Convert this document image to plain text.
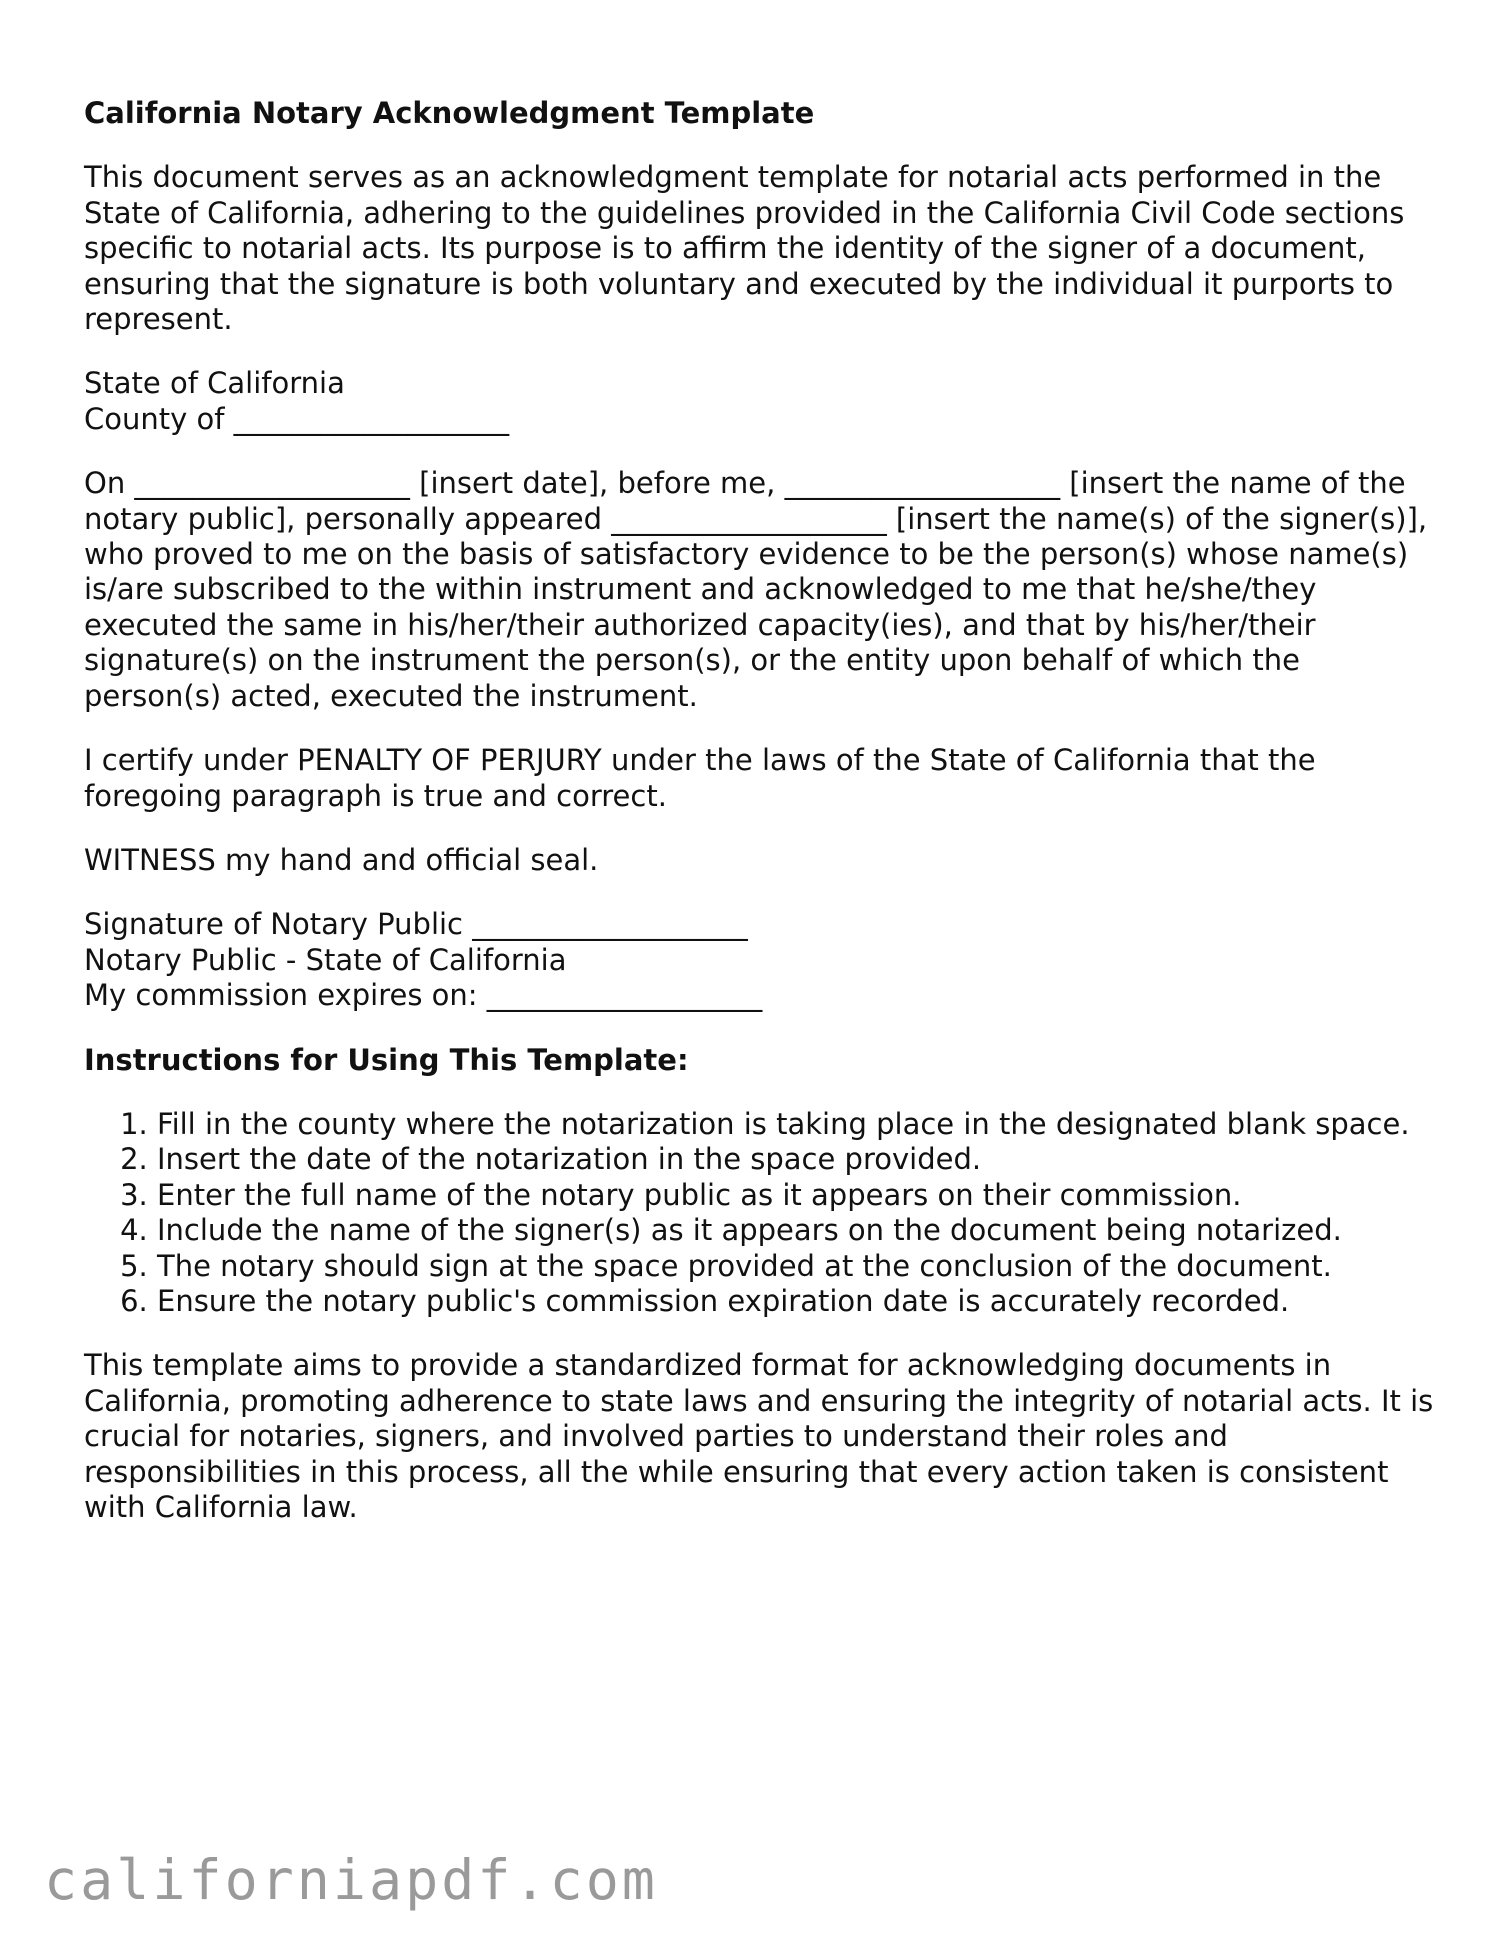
California Notary Acknowledgment Template

This document serves as an acknowledgment template for notarial acts performed in the State of California, adhering to the guidelines provided in the California Civil Code sections specific to notarial acts. Its purpose is to affirm the identity of the signer of a document, ensuring that the signature is both voluntary and executed by the individual it purports to represent.

State of California
County of ___________________

On ___________________ [insert date], before me, ___________________ [insert the name of the notary public], personally appeared ___________________ [insert the name(s) of the signer(s)], who proved to me on the basis of satisfactory evidence to be the person(s) whose name(s) is/are subscribed to the within instrument and acknowledged to me that he/she/they executed the same in his/her/their authorized capacity(ies), and that by his/her/their signature(s) on the instrument the person(s), or the entity upon behalf of which the person(s) acted, executed the instrument.

I certify under PENALTY OF PERJURY under the laws of the State of California that the foregoing paragraph is true and correct.

WITNESS my hand and official seal.

Signature of Notary Public ___________________
Notary Public - State of California
My commission expires on: ___________________

Instructions for Using This Template:
1. Fill in the county where the notarization is taking place in the designated blank space.
2. Insert the date of the notarization in the space provided.
3. Enter the full name of the notary public as it appears on their commission.
4. Include the name of the signer(s) as it appears on the document being notarized.
5. The notary should sign at the space provided at the conclusion of the document.
6. Ensure the notary public's commission expiration date is accurately recorded.

This template aims to provide a standardized format for acknowledging documents in California, promoting adherence to state laws and ensuring the integrity of notarial acts. It is crucial for notaries, signers, and involved parties to understand their roles and responsibilities in this process, all the while ensuring that every action taken is consistent with California law.

californiapdf.com
